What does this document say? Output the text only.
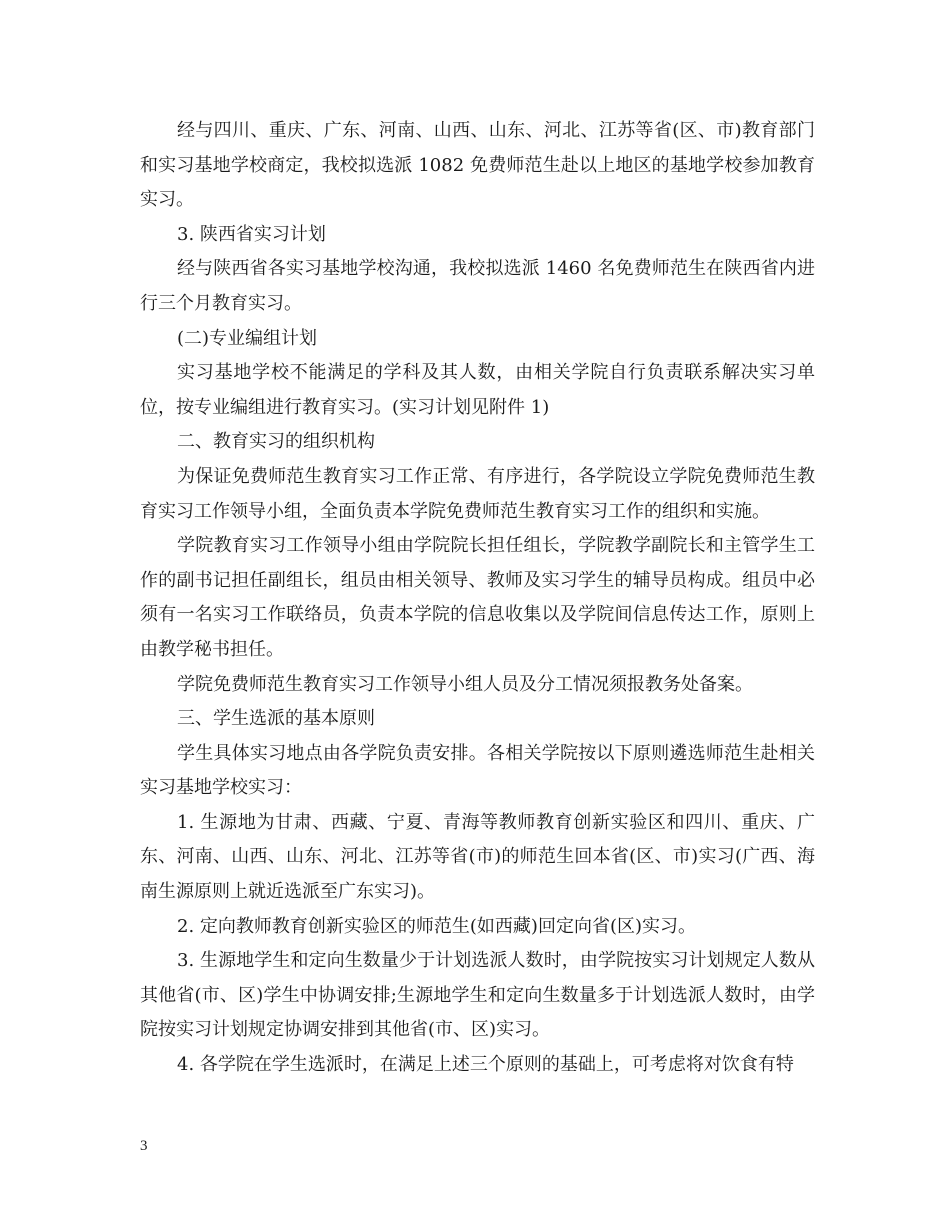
经与四川、重庆、广东、河南、山西、山东、河北、江苏等省(区、市)教育部门和实习基地学校商定，我校拟选派 1082 免费师范生赴以上地区的基地学校参加教育实习。

3. 陕西省实习计划

经与陕西省各实习基地学校沟通，我校拟选派 1460 名免费师范生在陕西省内进行三个月教育实习。

(二)专业编组计划

实习基地学校不能满足的学科及其人数，由相关学院自行负责联系解决实习单位，按专业编组进行教育实习。(实习计划见附件 1)

二、教育实习的组织机构

为保证免费师范生教育实习工作正常、有序进行，各学院设立学院免费师范生教育实习工作领导小组，全面负责本学院免费师范生教育实习工作的组织和实施。

学院教育实习工作领导小组由学院院长担任组长，学院教学副院长和主管学生工作的副书记担任副组长，组员由相关领导、教师及实习学生的辅导员构成。组员中必须有一名实习工作联络员，负责本学院的信息收集以及学院间信息传达工作，原则上由教学秘书担任。

学院免费师范生教育实习工作领导小组人员及分工情况须报教务处备案。

三、学生选派的基本原则

学生具体实习地点由各学院负责安排。各相关学院按以下原则遴选师范生赴相关实习基地学校实习：

1. 生源地为甘肃、西藏、宁夏、青海等教师教育创新实验区和四川、重庆、广东、河南、山西、山东、河北、江苏等省(市)的师范生回本省(区、市)实习(广西、海南生源原则上就近选派至广东实习)。

2. 定向教师教育创新实验区的师范生(如西藏)回定向省(区)实习。

3. 生源地学生和定向生数量少于计划选派人数时，由学院按实习计划规定人数从其他省(市、区)学生中协调安排;生源地学生和定向生数量多于计划选派人数时，由学院按实习计划规定协调安排到其他省(市、区)实习。

4. 各学院在学生选派时，在满足上述三个原则的基础上，可考虑将对饮食有特

3
